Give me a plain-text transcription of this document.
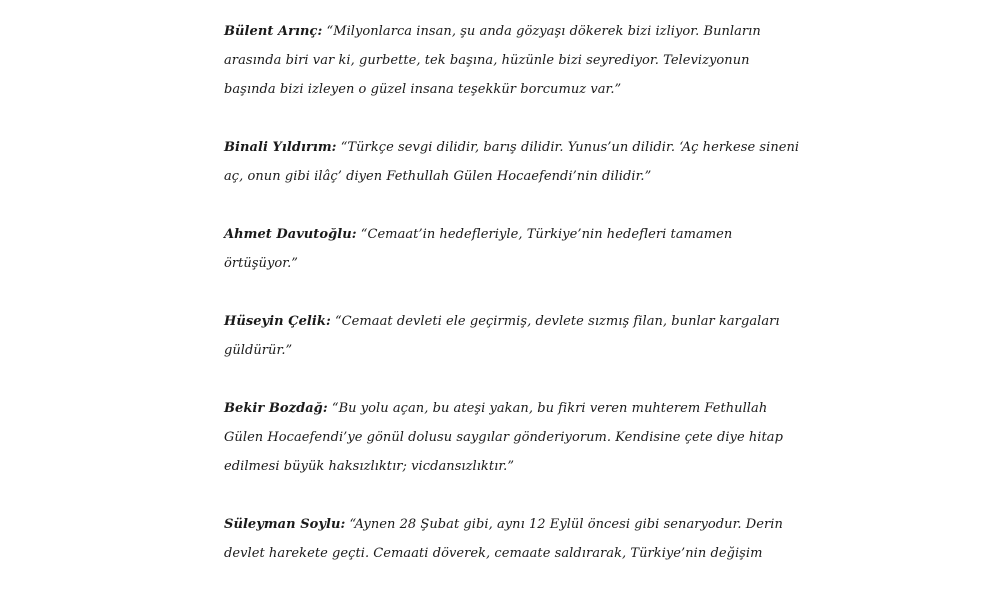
Bülent Arınç: “Milyonlarca insan, şu anda gözyaşı dökerek bizi izliyor. Bunların arasında biri var ki, gurbette, tek başına, hüzünle bizi seyrediyor. Televizyonun başında bizi izleyen o güzel insana teşekkür borcumuz var.”

Binali Yıldırım: “Türkçe sevgi dilidir, barış dilidir. Yunus’un dilidir. ‘Aç herkese sineni aç, onun gibi ilâç’ diyen Fethullah Gülen Hocaefendi’nin dilidir.”

Ahmet Davutoğlu: “Cemaat’in hedefleriyle, Türkiye’nin hedefleri tamamen örtüşüyor.”

Hüseyin Çelik: “Cemaat devleti ele geçirmiş, devlete sızmış filan, bunlar kargaları güldürür.”

Bekir Bozdağ: “Bu yolu açan, bu ateşi yakan, bu fikri veren muhterem Fethullah Gülen Hocaefendi’ye gönül dolusu saygılar gönderiyorum. Kendisine çete diye hitap edilmesi büyük haksızlıktır; vicdansızlıktır.”

Süleyman Soylu: “Aynen 28 Şubat gibi, aynı 12 Eylül öncesi gibi senaryodur. Derin devlet harekete geçti. Cemaati döverek, cemaate saldırarak, Türkiye’nin değişim
